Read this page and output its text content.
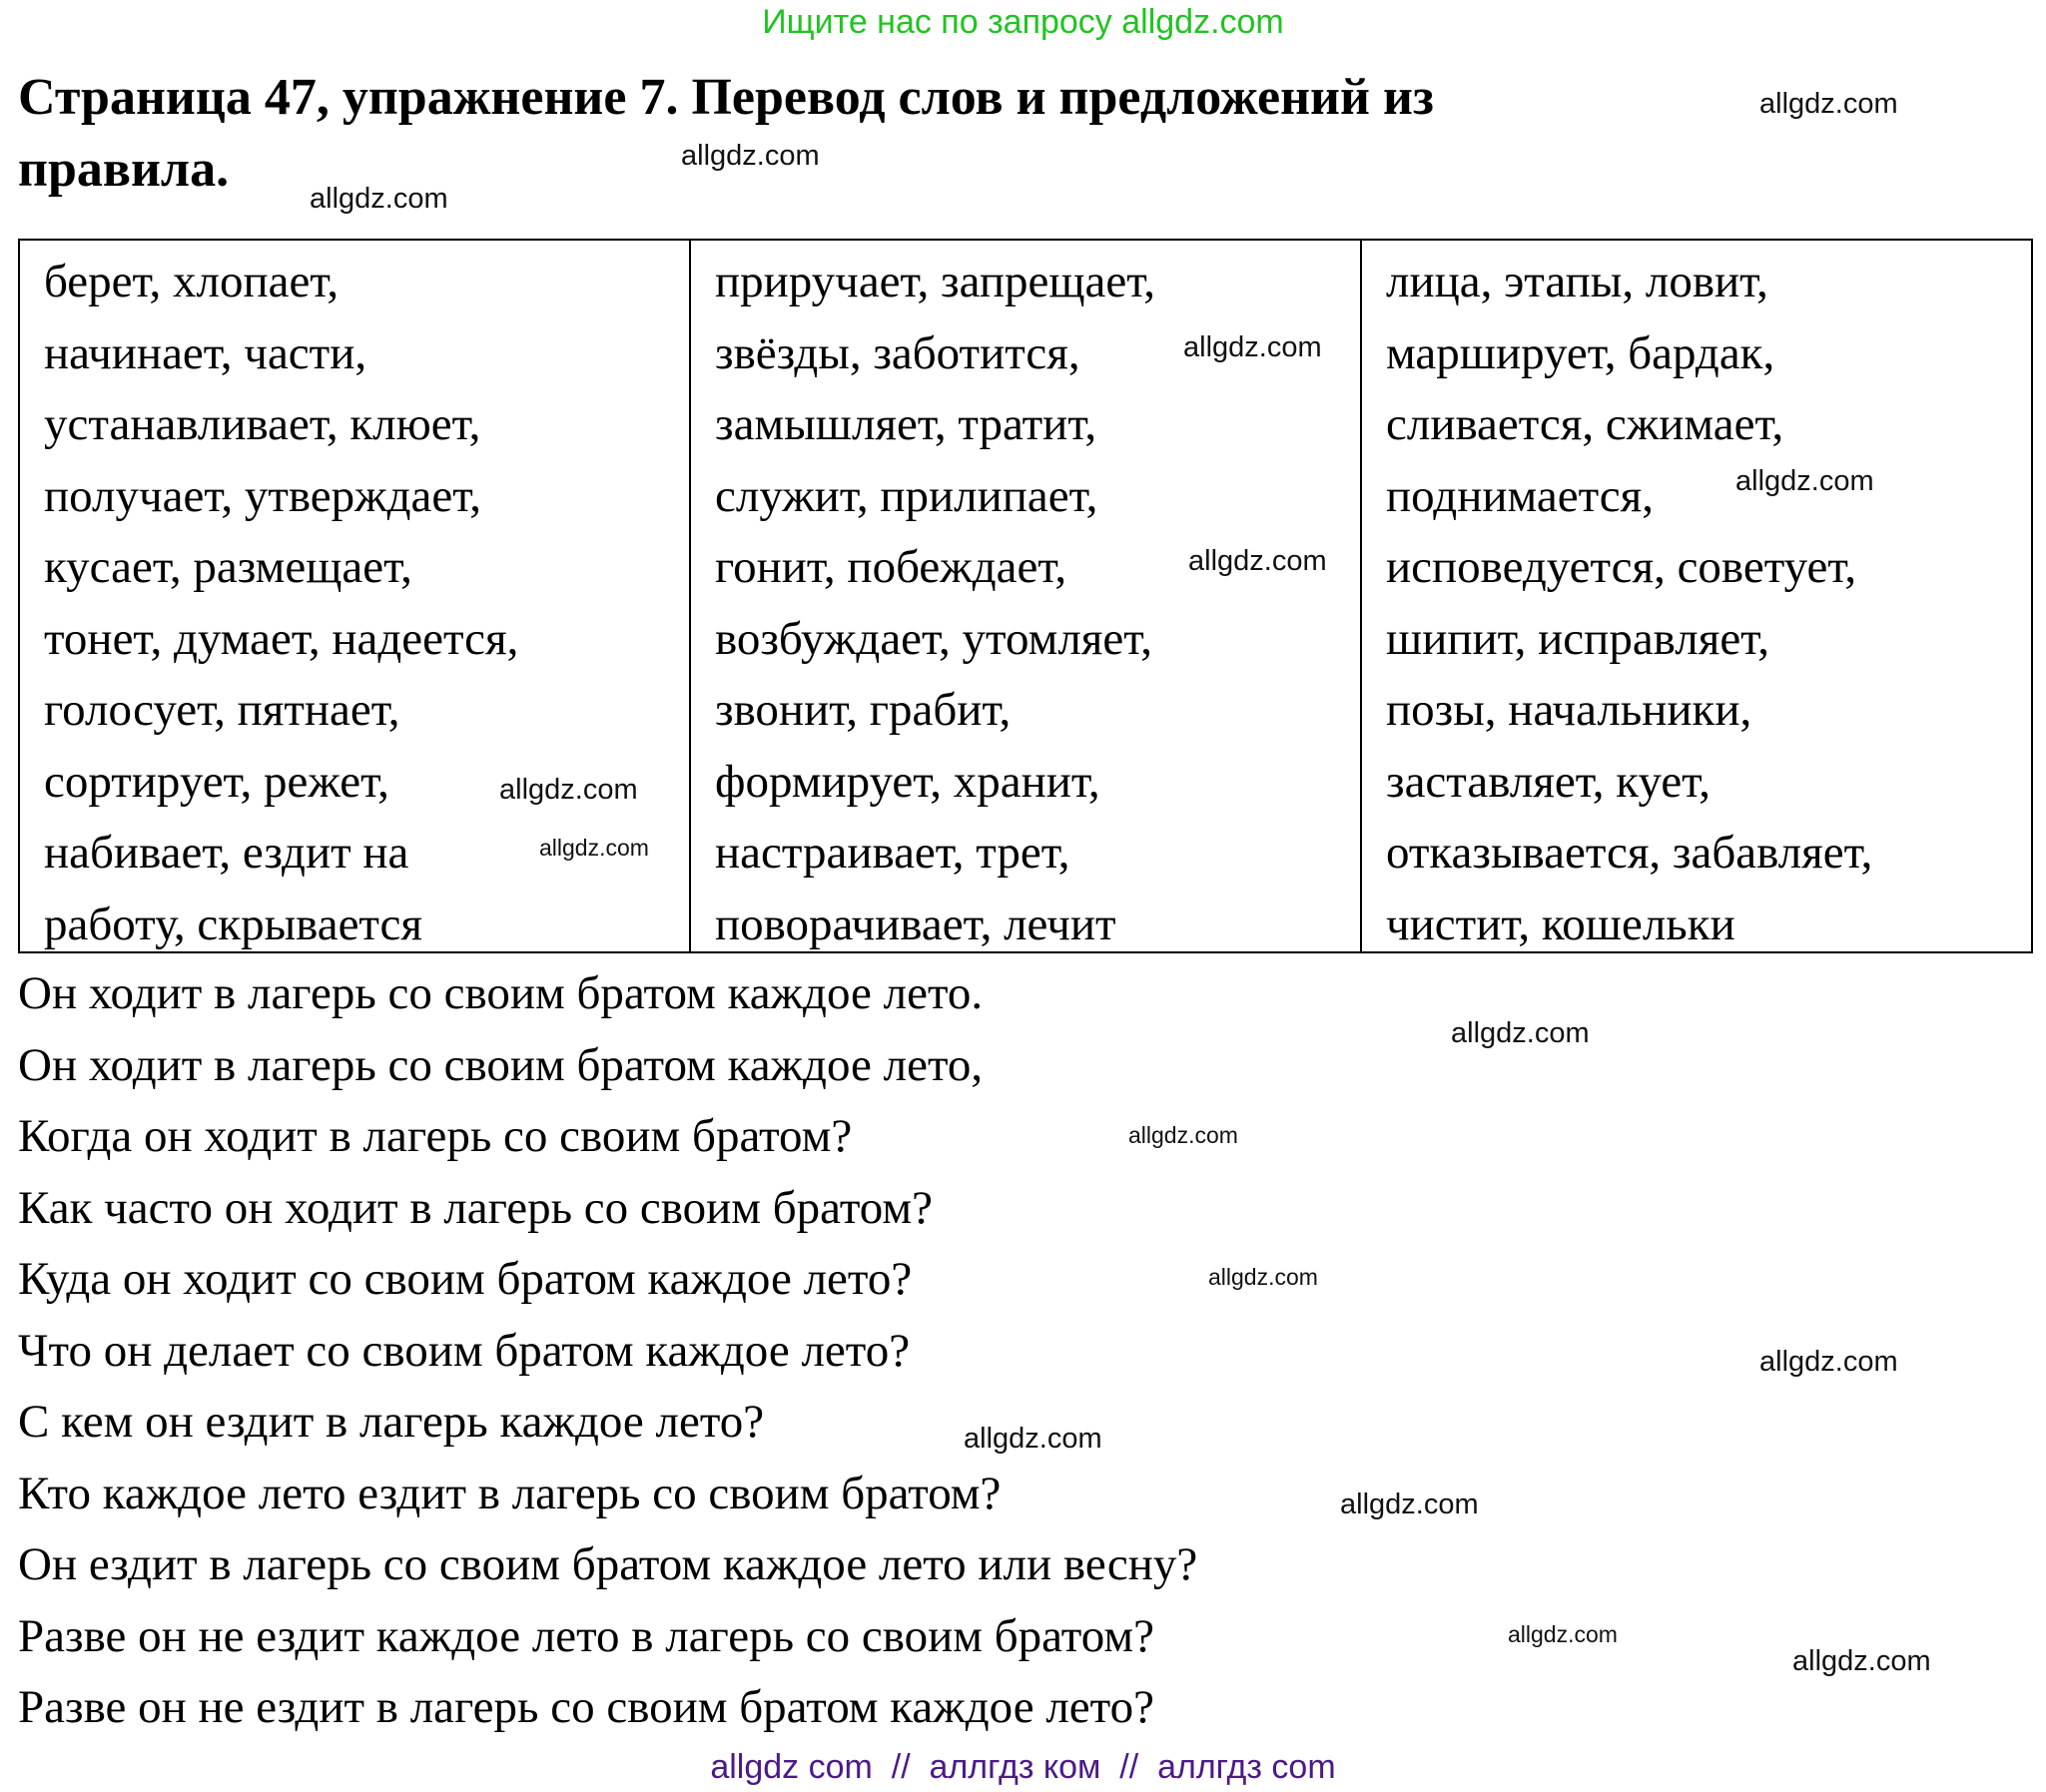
Ищите нас по запросу allgdz.com
Страница 47, упражнение 7. Перевод слов и предложений из
правила.
берет, хлопает,
начинает, части,
устанавливает, клюет,
получает, утверждает,
кусает, размещает,
тонет, думает, надеется,
голосует, пятнает,
сортирует, режет,
набивает, ездит на
работу, скрывается
приручает, запрещает,
звёзды, заботится,
замышляет, тратит,
служит, прилипает,
гонит, побеждает,
возбуждает, утомляет,
звонит, грабит,
формирует, хранит,
настраивает, трет,
поворачивает, лечит
лица, этапы, ловит,
марширует, бардак,
сливается, сжимает,
поднимается,
исповедуется, советует,
шипит, исправляет,
позы, начальники,
заставляет, кует,
отказывается, забавляет,
чистит, кошельки
Он ходит в лагерь со своим братом каждое лето.
Он ходит в лагерь со своим братом каждое лето,
Когда он ходит в лагерь со своим братом?
Как часто он ходит в лагерь со своим братом?
Куда он ходит со своим братом каждое лето?
Что он делает со своим братом каждое лето?
С кем он ездит в лагерь каждое лето?
Кто каждое лето ездит в лагерь со своим братом?
Он ездит в лагерь со своим братом каждое лето или весну?
Разве он не ездит каждое лето в лагерь со своим братом?
Разве он не ездит в лагерь со своим братом каждое лето?
allgdz.com
allgdz.com
allgdz.com
allgdz.com
allgdz.com
allgdz.com
allgdz.com
allgdz.com
allgdz.com
allgdz.com
allgdz.com
allgdz.com
allgdz.com
allgdz.com
allgdz.com
allgdz.com
allgdz com  //  аллгдз ком  //  аллгдз com
